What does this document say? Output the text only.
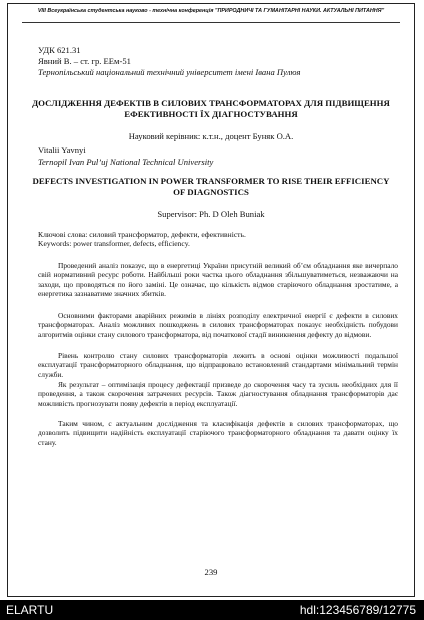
VIII Всеукраїнська студентська науково - технічна конференція "ПРИРОДНИЧІ ТА ГУМАНІТАРНІ НАУКИ. АКТУАЛЬНІ ПИТАННЯ"

УДК 621.31

Явний В. – ст. гр. ЕЕм-51

Тернопільський національний технічний університет імені Івана Пулюя

ДОСЛІДЖЕННЯ ДЕФЕКТІВ В СИЛОВИХ ТРАНСФОРМАТОРАХ ДЛЯ ПІДВИЩЕННЯ ЕФЕКТИВНОСТІ ЇХ ДІАГНОСТУВАННЯ

Науковий керівник: к.т.н., доцент Буняк О.А.

Vitalii Yavnyi

Ternopil Ivan Pul’uj National Technical University

DEFECTS INVESTIGATION IN POWER TRANSFORMER TO RISE THEIR EFFICIENCY OF DIAGNOSTICS

Supervisor: Ph. D Oleh Buniak

Ключові слова: силовий трансформатор, дефекти, ефективність.

Keywords: power transformer, defects, efficiency.

Проведений аналіз показує, що в енергетиці України присутній великий об’єм обладнання яке вичерпало свій нормативний ресурс роботи. Найбільші роки частка цього обладнання збільшуватиметься, незважаючи на заходи, що проводяться по його заміні. Це означає, що кількість відмов старіючого обладнання зростатиме, а енергетика зазнаватиме значних збитків.

Основними факторами аварійних режимів в лініях розподілу електричної енергії є дефекти в силових трансформаторах. Аналіз можливих пошкоджень в силових трансформаторах показує необхідність побудови алгоритмів оцінки стану силового трансформатора, від початкової стадії виникнення дефекту до відмови.

Рівень контролю стану силових трансформаторів лежить в основі оцінки можливості подальшої експлуатації трансформаторного обладнання, що відпрацювало встановлений стандартами мінімальний термін служби.

Як результат – оптимізація процесу дефектації призведе до скорочення часу та зусиль необхідних для її проведення, а також скорочення затрачених ресурсів. Також діагностування обладнання трансформаторів дає можливість прогнозувати появу дефектів в період експлуатації.

Таким чином, с актуальним дослідження та класифікація дефектів в силових трансформаторах, що дозволить підвищити надійність експлуатації старіючого трансформаторного обладнання та давати оцінку їх стану.

239

ELARTU	hdl:123456789/12775
